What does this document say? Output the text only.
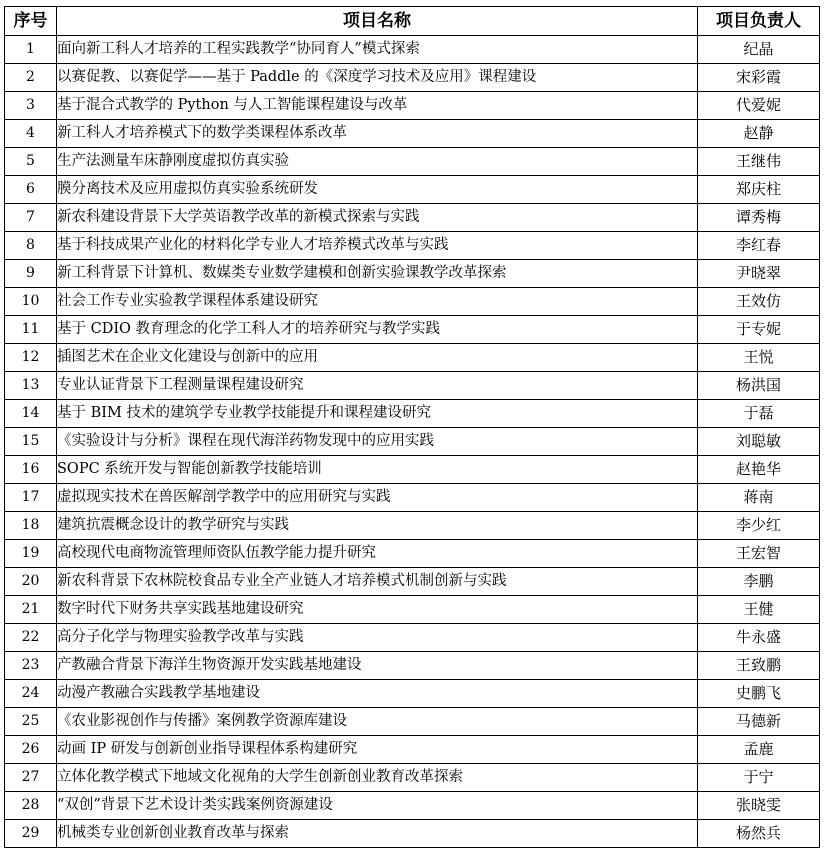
序号	项目名称	项目负责人
1	面向新工科人才培养的工程实践教学“协同育人”模式探索	纪晶
2	以赛促教、以赛促学——基于 Paddle 的《深度学习技术及应用》课程建设	宋彩霞
3	基于混合式教学的 Python 与人工智能课程建设与改革	代爱妮
4	新工科人才培养模式下的数学类课程体系改革	赵静
5	生产法测量车床静刚度虚拟仿真实验	王继伟
6	膜分离技术及应用虚拟仿真实验系统研发	郑庆柱
7	新农科建设背景下大学英语教学改革的新模式探索与实践	谭秀梅
8	基于科技成果产业化的材料化学专业人才培养模式改革与实践	李红春
9	新工科背景下计算机、数媒类专业数学建模和创新实验课教学改革探索	尹晓翠
10	社会工作专业实验教学课程体系建设研究	王效仿
11	基于 CDIO 教育理念的化学工科人才的培养研究与教学实践	于专妮
12	插图艺术在企业文化建设与创新中的应用	王悦
13	专业认证背景下工程测量课程建设研究	杨洪国
14	基于 BIM 技术的建筑学专业教学技能提升和课程建设研究	于磊
15	《实验设计与分析》课程在现代海洋药物发现中的应用实践	刘聪敏
16	SOPC 系统开发与智能创新教学技能培训	赵艳华
17	虚拟现实技术在兽医解剖学教学中的应用研究与实践	蒋南
18	建筑抗震概念设计的教学研究与实践	李少红
19	高校现代电商物流管理师资队伍教学能力提升研究	王宏智
20	新农科背景下农林院校食品专业全产业链人才培养模式机制创新与实践	李鹏
21	数字时代下财务共享实践基地建设研究	王健
22	高分子化学与物理实验教学改革与实践	牛永盛
23	产教融合背景下海洋生物资源开发实践基地建设	王致鹏
24	动漫产教融合实践教学基地建设	史鹏飞
25	《农业影视创作与传播》案例教学资源库建设	马德新
26	动画 IP 研发与创新创业指导课程体系构建研究	孟鹿
27	立体化教学模式下地域文化视角的大学生创新创业教育改革探索	于宁
28	“双创”背景下艺术设计类实践案例资源建设	张晓雯
29	机械类专业创新创业教育改革与探索	杨然兵
